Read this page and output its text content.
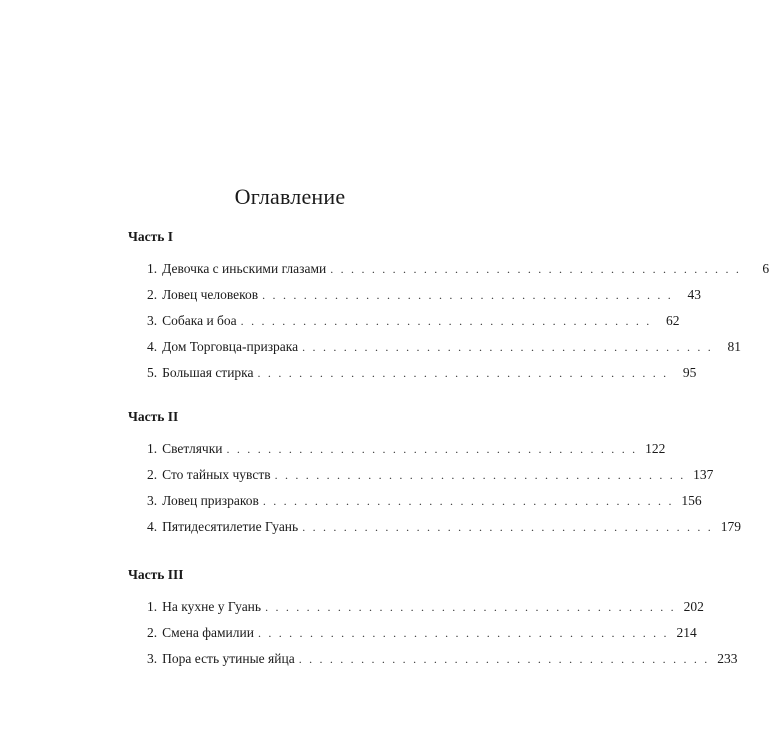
Оглавление
Часть I
1. Девочка с иньскими глазами . . . . . . . . . . . . . . . . . . . . . . . . . . . . . . . . . . . . . . . .	6
2. Ловец человеков . . . . . . . . . . . . . . . . . . . . . . . . . . . . . . . . . . . . . . . .	43
3. Собака и боа . . . . . . . . . . . . . . . . . . . . . . . . . . . . . . . . . . . . . . . .	62
4. Дом Торговца-призрака . . . . . . . . . . . . . . . . . . . . . . . . . . . . . . . . . . . . . . . .	81
5. Большая стирка . . . . . . . . . . . . . . . . . . . . . . . . . . . . . . . . . . . . . . . .	95
Часть II
1. Светлячки . . . . . . . . . . . . . . . . . . . . . . . . . . . . . . . . . . . . . . . . 122
2. Сто тайных чувств . . . . . . . . . . . . . . . . . . . . . . . . . . . . . . . . . . . . . . . . 137
3. Ловец призраков . . . . . . . . . . . . . . . . . . . . . . . . . . . . . . . . . . . . . . . . 156
4. Пятидесятилетие Гуань . . . . . . . . . . . . . . . . . . . . . . . . . . . . . . . . . . . . . . . . 179
Часть III
1. На кухне у Гуань . . . . . . . . . . . . . . . . . . . . . . . . . . . . . . . . . . . . . . . . 202
2. Смена фамилии . . . . . . . . . . . . . . . . . . . . . . . . . . . . . . . . . . . . . . . . 214
3. Пора есть утиные яйца . . . . . . . . . . . . . . . . . . . . . . . . . . . . . . . . . . . . . . . . 233
